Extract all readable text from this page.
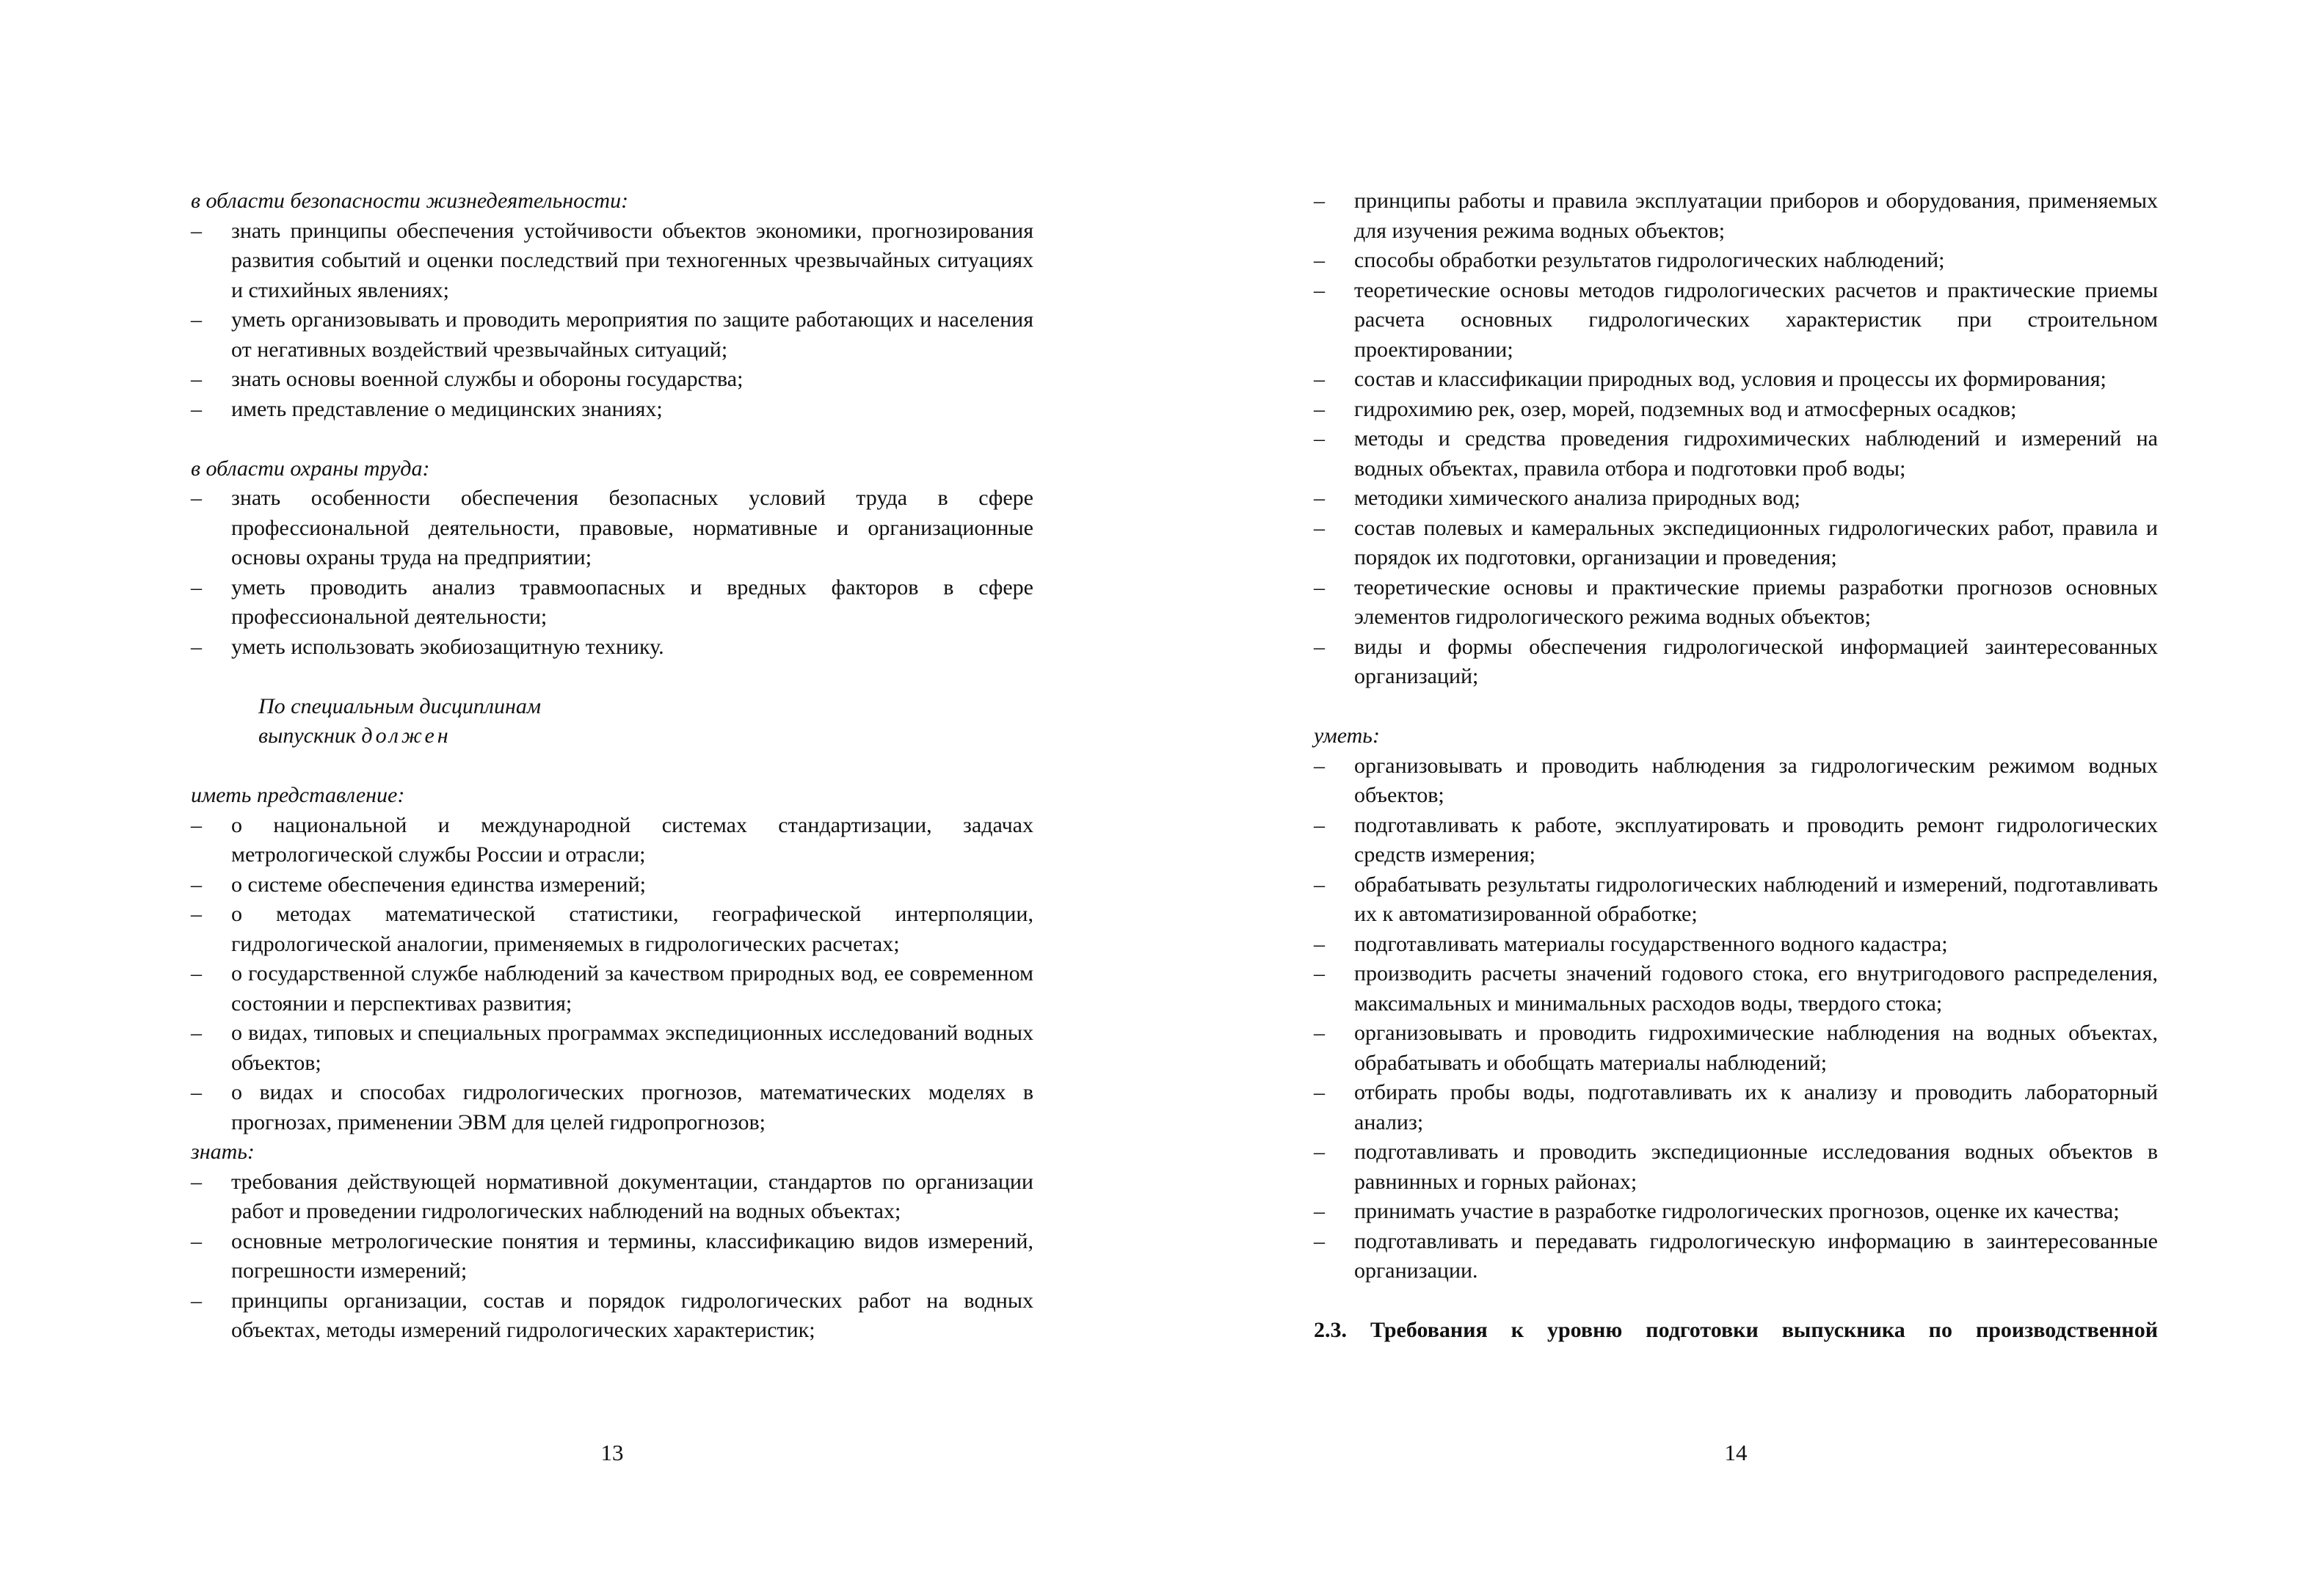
в области безопасности жизнедеятельности:

– знать принципы обеспечения устойчивости объектов экономики, прогнозирования развития событий и оценки последствий при техногенных чрезвычайных ситуациях и стихийных явлениях;
– уметь организовывать и проводить мероприятия по защите работающих и населения от негативных воздействий чрезвычайных ситуаций;
– знать основы военной службы и обороны государства;
– иметь представление о медицинских знаниях;

в области охраны труда:

– знать особенности обеспечения безопасных условий труда в сфере профессиональной деятельности, правовые, нормативные и организационные основы охраны труда на предприятии;
– уметь проводить анализ травмоопасных и вредных факторов в сфере профессиональной деятельности;
– уметь использовать экобиозащитную технику.

По специальным дисциплинам

выпускник должен

иметь представление:

– о национальной и международной системах стандартизации, задачах метрологической службы России и отрасли;
– о системе обеспечения единства измерений;
– о методах математической статистики, географической интерполяции, гидрологической аналогии, применяемых в гидрологических расчетах;
– о государственной службе наблюдений за качеством природных вод, ее современном состоянии и перспективах развития;
– о видах, типовых и специальных программах экспедиционных исследований водных объектов;
– о видах и способах гидрологических прогнозов, математических моделях в прогнозах, применении ЭВМ для целей гидропрогнозов;

знать:

– требования действующей нормативной документации, стандартов по организации работ и проведении гидрологических наблюдений на водных объектах;
– основные метрологические понятия и термины, классификацию видов измерений, погрешности измерений;
– принципы организации, состав и порядок гидрологических работ на водных объектах, методы измерений гидрологических характеристик;
13
– принципы работы и правила эксплуатации приборов и оборудования, применяемых для изучения режима водных объектов;
– способы обработки результатов гидрологических наблюдений;
– теоретические основы методов гидрологических расчетов и практические приемы расчета основных гидрологических характеристик при строительном проектировании;
– состав и классификации природных вод, условия и процессы их формирования;
– гидрохимию рек, озер, морей, подземных вод и атмосферных осадков;
– методы и средства проведения гидрохимических наблюдений и измерений на водных объектах, правила отбора и подготовки проб воды;
– методики химического анализа природных вод;
– состав полевых и камеральных экспедиционных гидрологических работ, правила и порядок их подготовки, организации и проведения;
– теоретические основы и практические приемы разработки прогнозов основных элементов гидрологического режима водных объектов;
– виды и формы обеспечения гидрологической информацией заинтересованных организаций;

уметь:

– организовывать и проводить наблюдения за гидрологическим режимом водных объектов;
– подготавливать к работе, эксплуатировать и проводить ремонт гидрологических средств измерения;
– обрабатывать результаты гидрологических наблюдений и измерений, подготавливать их к автоматизированной обработке;
– подготавливать материалы государственного водного кадастра;
– производить расчеты значений годового стока, его внутригодового распределения, максимальных и минимальных расходов воды, твердого стока;
– организовывать и проводить гидрохимические наблюдения на водных объектах, обрабатывать и обобщать материалы наблюдений;
– отбирать пробы воды, подготавливать их к анализу и проводить лабораторный анализ;
– подготавливать и проводить экспедиционные исследования водных объектов в равнинных и горных районах;
– принимать участие в разработке гидрологических прогнозов, оценке их качества;
– подготавливать и передавать гидрологическую информацию в заинтересованные организации.

2.3. Требования к уровню подготовки выпускника по производственной

14
